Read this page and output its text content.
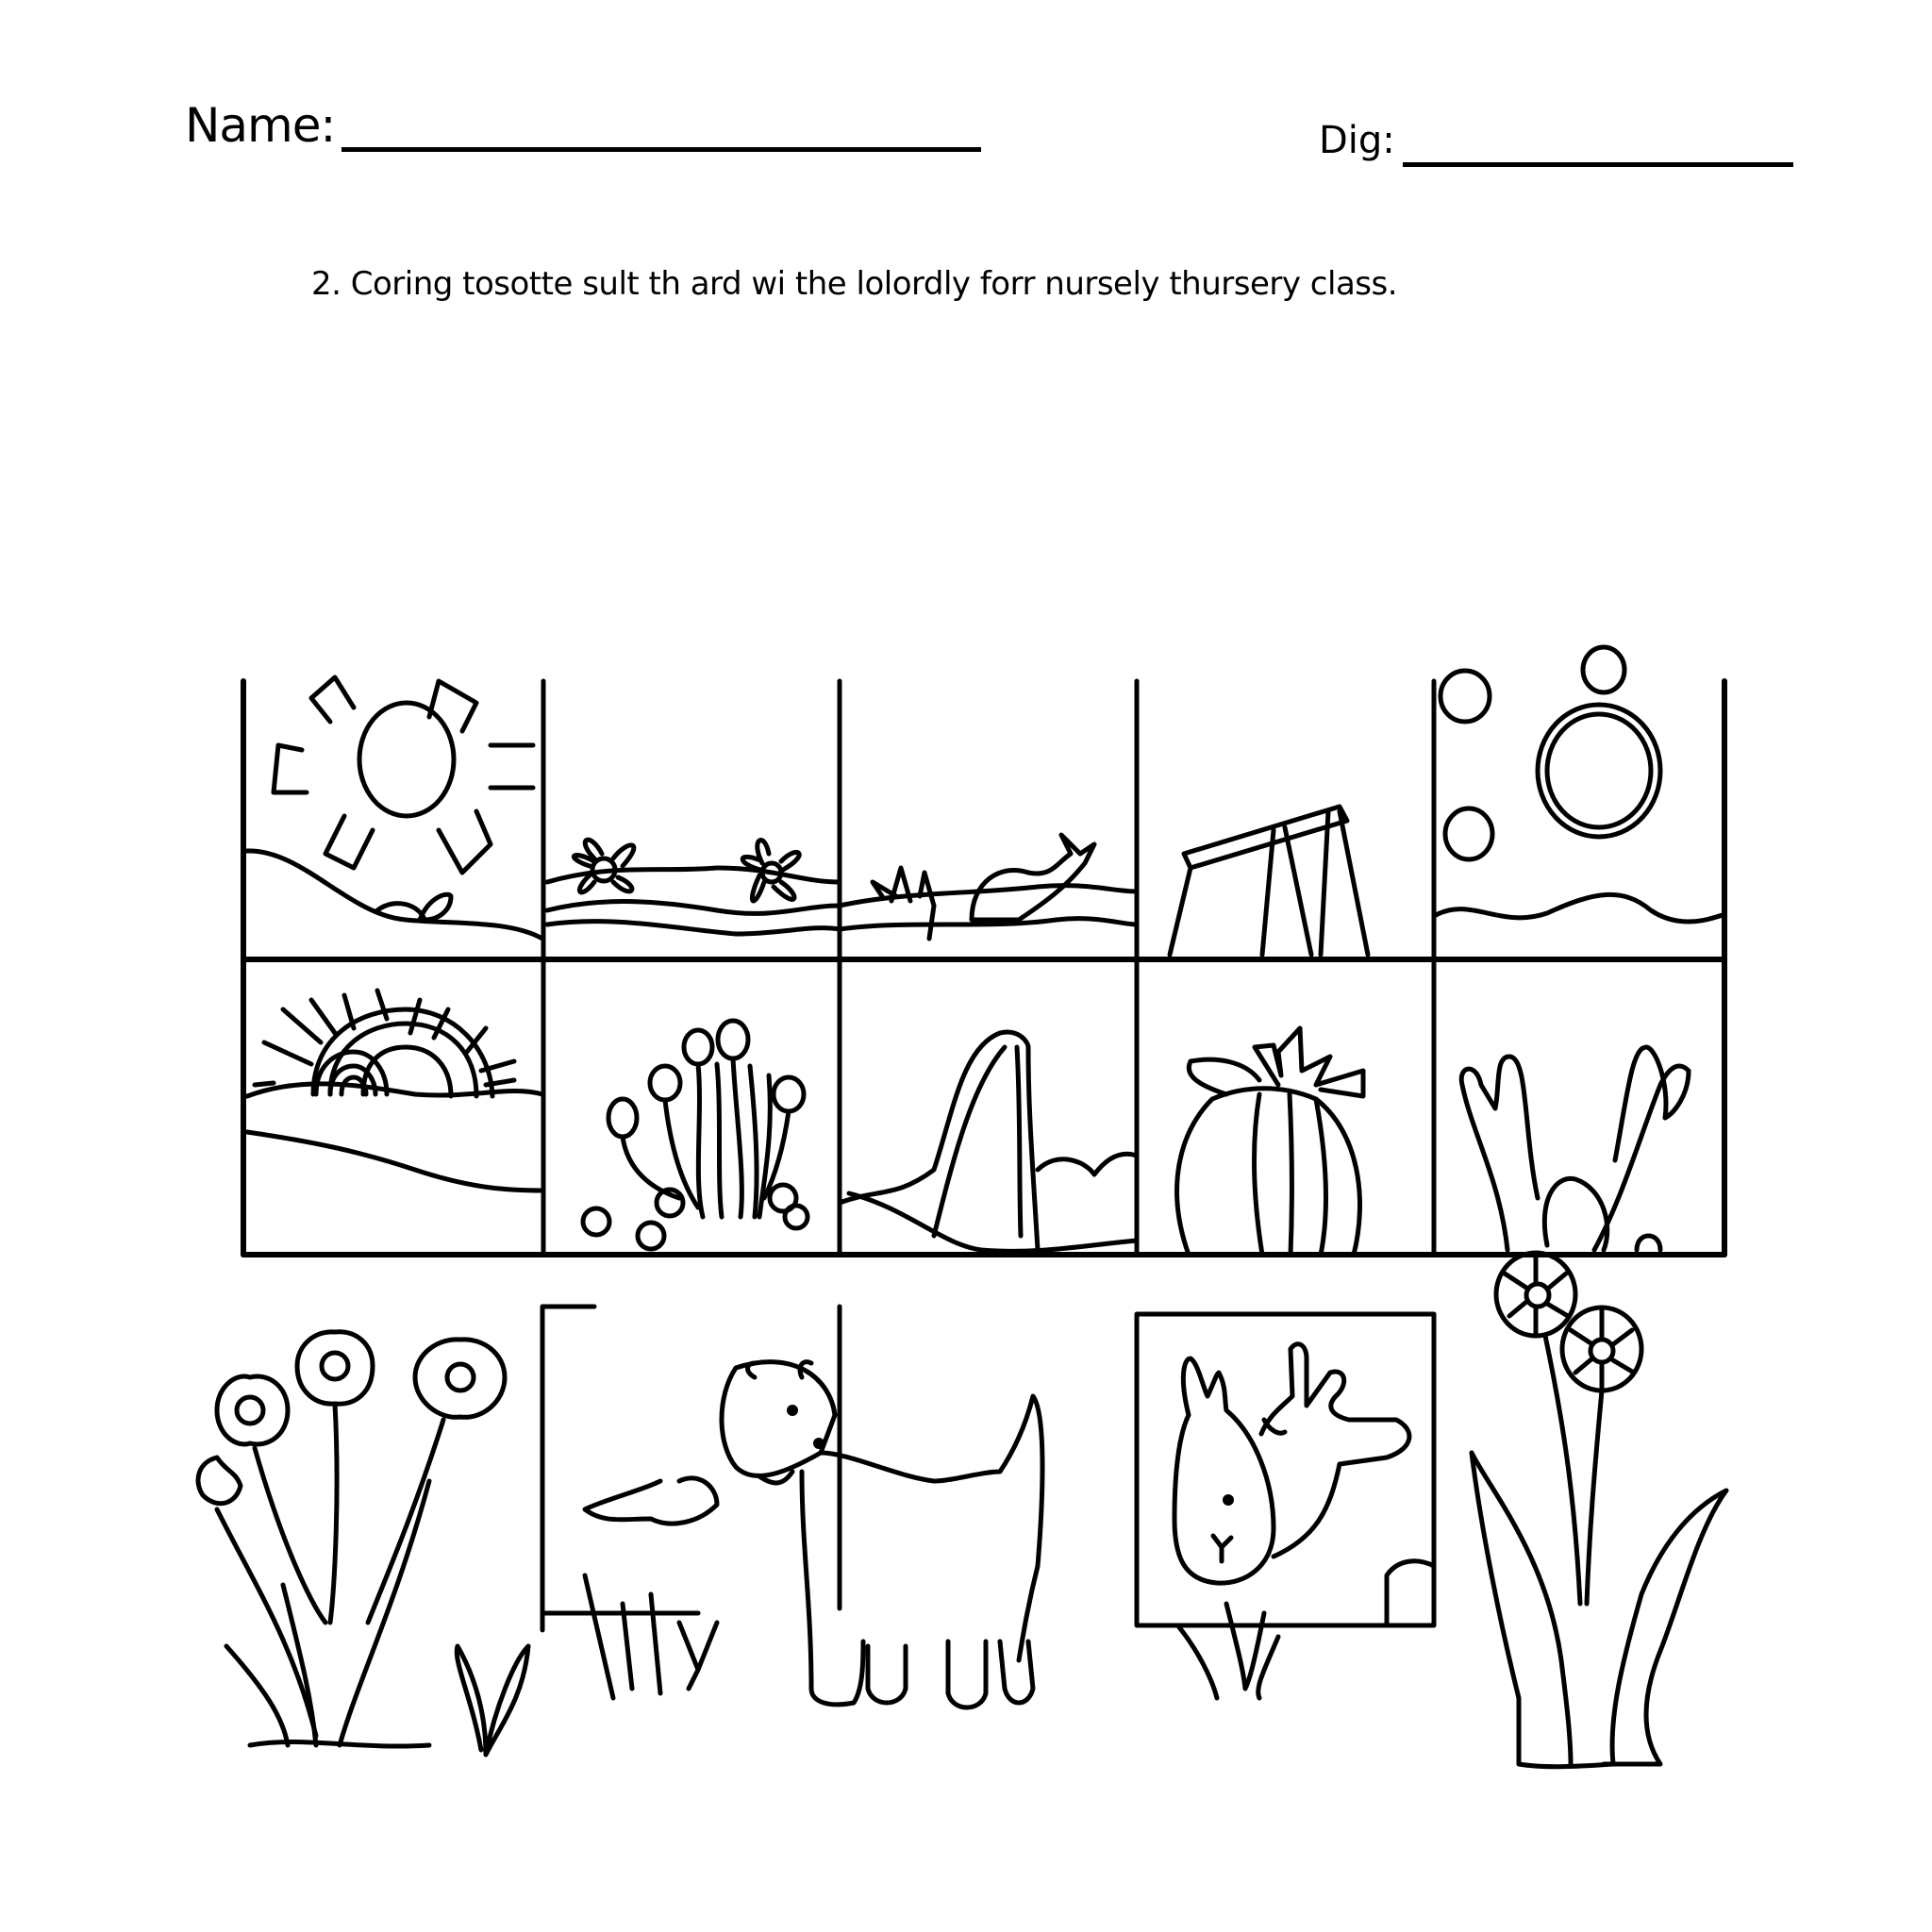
Name:	Dig:
2. Coring tosotte sult th ard wi the lolordly forr nursely thursery class.
